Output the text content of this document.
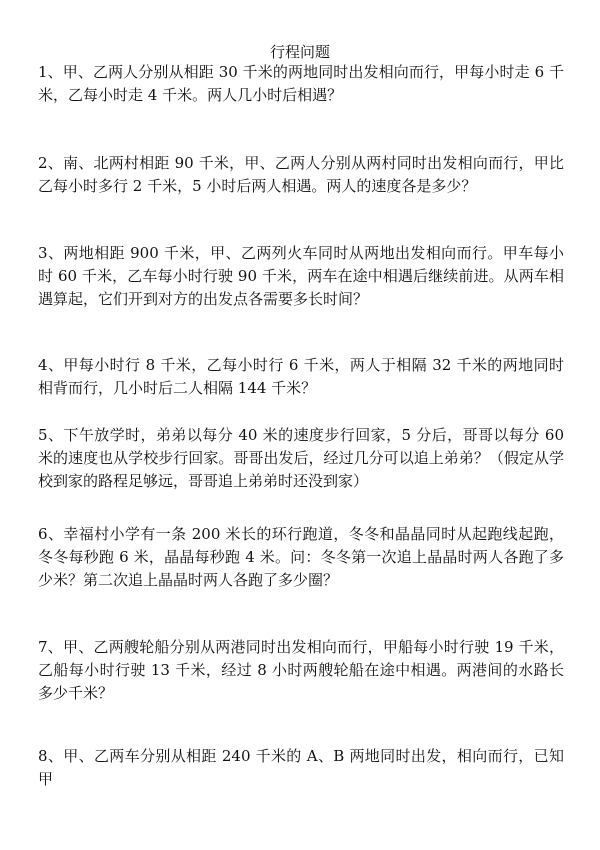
行程问题
1、甲、乙两人分别从相距 30 千米的两地同时出发相向而行，甲每小时走 6 千米，乙每小时走 4 千米。两人几小时后相遇？
2、南、北两村相距 90 千米，甲、乙两人分别从两村同时出发相向而行，甲比乙每小时多行 2 千米，5 小时后两人相遇。两人的速度各是多少？
3、两地相距 900 千米，甲、乙两列火车同时从两地出发相向而行。甲车每小时 60 千米，乙车每小时行驶 90 千米，两车在途中相遇后继续前进。从两车相遇算起，它们开到对方的出发点各需要多长时间？
4、甲每小时行 8 千米，乙每小时行 6 千米，两人于相隔 32 千米的两地同时相背而行，几小时后二人相隔 144 千米？
5、下午放学时，弟弟以每分 40 米的速度步行回家，5 分后，哥哥以每分 60 米的速度也从学校步行回家。哥哥出发后，经过几分可以追上弟弟？（假定从学校到家的路程足够远，哥哥追上弟弟时还没到家）
6、幸福村小学有一条 200 米长的环行跑道，冬冬和晶晶同时从起跑线起跑，冬冬每秒跑 6 米，晶晶每秒跑 4 米。问：冬冬第一次追上晶晶时两人各跑了多少米？第二次追上晶晶时两人各跑了多少圈？
7、甲、乙两艘轮船分别从两港同时出发相向而行，甲船每小时行驶 19 千米，乙船每小时行驶 13 千米，经过 8 小时两艘轮船在途中相遇。两港间的水路长多少千米？
8、甲、乙两车分别从相距 240 千米的 A、B 两地同时出发，相向而行，已知甲
